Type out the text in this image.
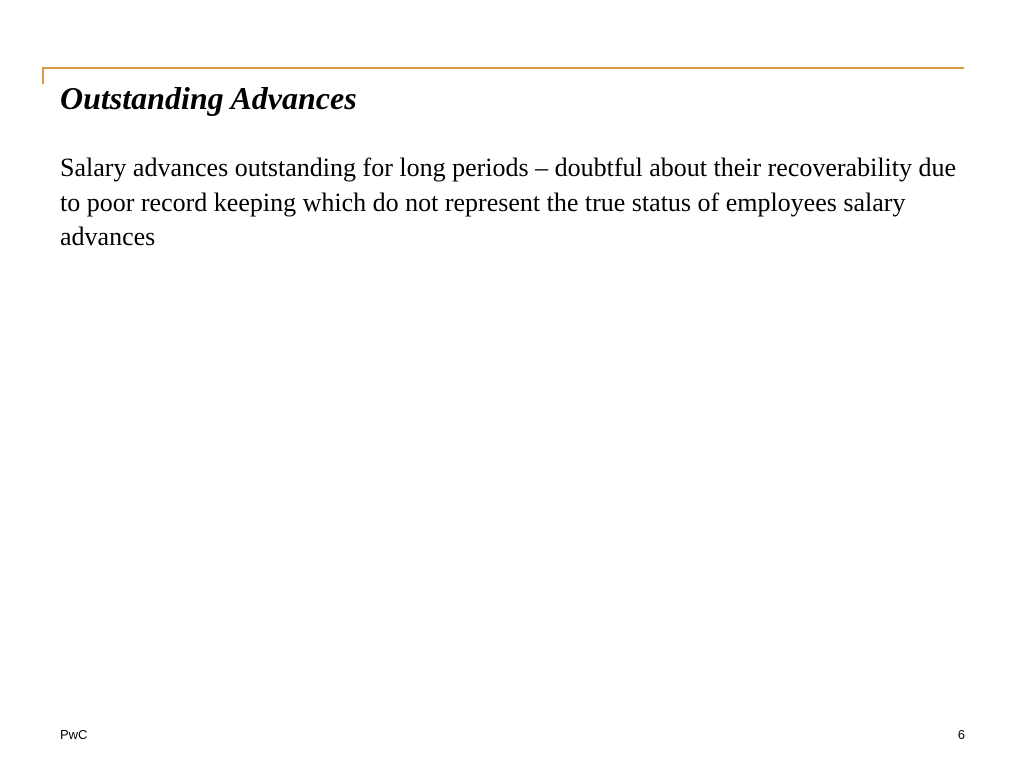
Outstanding Advances

Salary advances outstanding for long periods – doubtful about their recoverability due to poor record keeping which do not represent the true status of employees salary advances

PwC	6
